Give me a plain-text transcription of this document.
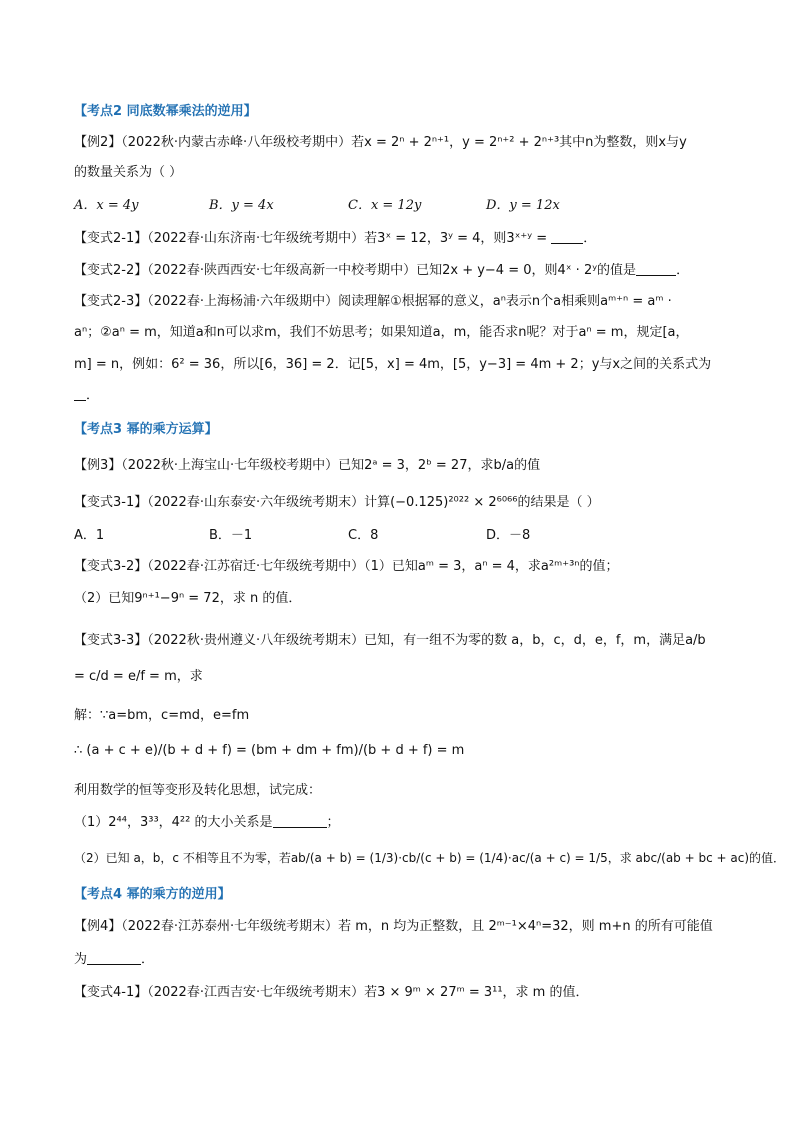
【考点2 同底数幂乘法的逆用】
【例2】（2022秋·内蒙古赤峰·八年级校考期中）若x = 2ⁿ + 2ⁿ⁺¹，y = 2ⁿ⁺² + 2ⁿ⁺³其中n为整数，则x与y
的数量关系为（ ）
A．x = 4y	B．y = 4x	C．x = 12y	D．y = 12x
【变式2-1】（2022春·山东济南·七年级统考期中）若3ˣ = 12，3ʸ = 4，则3ˣ⁺ʸ =	．
【变式2-2】（2022春·陕西西安·七年级高新一中校考期中）已知2x + y−4 = 0，则4ˣ · 2ʸ的值是	．
【变式2-3】（2022春·上海杨浦·六年级期中）阅读理解①根据幂的意义，aⁿ表示n个a相乘则aᵐ⁺ⁿ = aᵐ ·
aⁿ；②aⁿ = m，知道a和n可以求m，我们不妨思考；如果知道a，m，能否求n呢？对于aⁿ = m，规定[a，
m] = n，例如：6² = 36，所以[6，36] = 2．记[5，x] = 4m，[5，y−3] = 4m + 2；y与x之间的关系式为
．
【考点3 幂的乘方运算】
【例3】（2022秋·上海宝山·七年级校考期中）已知2ᵃ = 3，2ᵇ = 27，求b/a的值
【变式3-1】（2022春·山东泰安·六年级统考期末）计算(−0.125)²⁰²² × 2⁶⁰⁶⁶的结果是（ ）
A．1	B．－1	C．8	D．－8
【变式3-2】（2022春·江苏宿迁·七年级统考期中）（1）已知aᵐ = 3，aⁿ = 4，求a²ᵐ⁺³ⁿ的值；
（2）已知9ⁿ⁺¹−9ⁿ = 72，求 n 的值．
【变式3-3】（2022秋·贵州遵义·八年级统考期末）已知，有一组不为零的数 a，b，c，d，e，f，m，满足a/b
= c/d = e/f = m，求
解：∵a=bm，c=md，e=fm
∴ (a + c + e)/(b + d + f) = (bm + dm + fm)/(b + d + f) = m
利用数学的恒等变形及转化思想，试完成：
（1）2⁴⁴，3³³，4²² 的大小关系是	；
（2）已知 a，b，c 不相等且不为零，若ab/(a + b) = (1/3)·cb/(c + b) = (1/4)·ac/(a + c) = 1/5，求 abc/(ab + bc + ac)的值．
【考点4 幂的乘方的逆用】
【例4】（2022春·江苏泰州·七年级统考期末）若 m，n 均为正整数，且 2ᵐ⁻¹×4ⁿ=32，则 m+n 的所有可能值
为	．
【变式4-1】（2022春·江西吉安·七年级统考期末）若3 × 9ᵐ × 27ᵐ = 3¹¹，求 m 的值．
